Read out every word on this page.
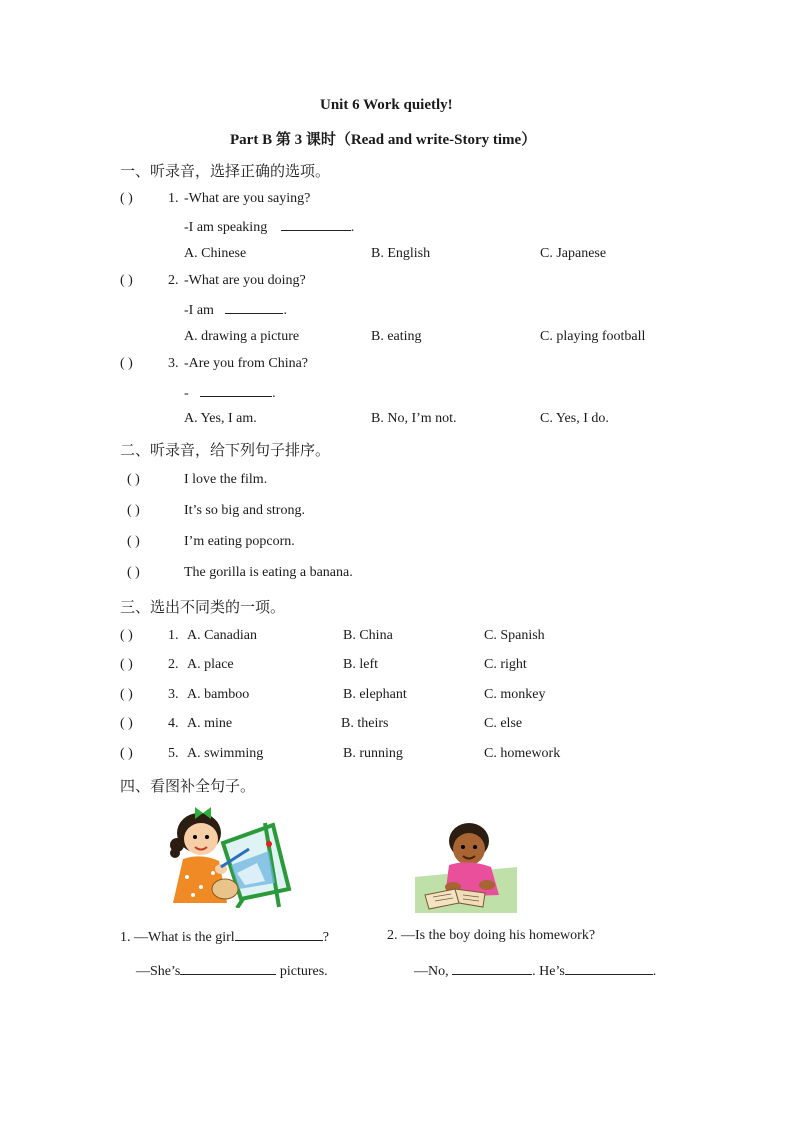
Unit 6 Work quietly!
Part B 第 3 课时（Read and write-Story time）
一、听录音，选择正确的选项。
( )	1. -What are you saying?
-I am speaking	.
A. Chinese	B. English	C. Japanese
( )	2. -What are you doing?
-I am	.
A. drawing a picture	B. eating	C. playing football
( )	3. -Are you from China?
-	.
A. Yes, I am.	B. No, I’m not.	C. Yes, I do.
二、听录音，给下列句子排序。
( )	I love the film.
( )	It’s so big and strong.
( )	I’m eating popcorn.
( )	The gorilla is eating a banana.
三、选出不同类的一项。
( )	1. A. Canadian	B. China	C. Spanish
( )	2. A. place	B. left	C. right
( )	3. A. bamboo	B. elephant	C. monkey
( )	4. A. mine	B. theirs	C. else
( )	5. A. swimming	B. running	C. homework
四、看图补全句子。
1. —What is the girl	?
—She’s	pictures.
2. —Is the boy doing his homework?
—No,	. He’s	.
